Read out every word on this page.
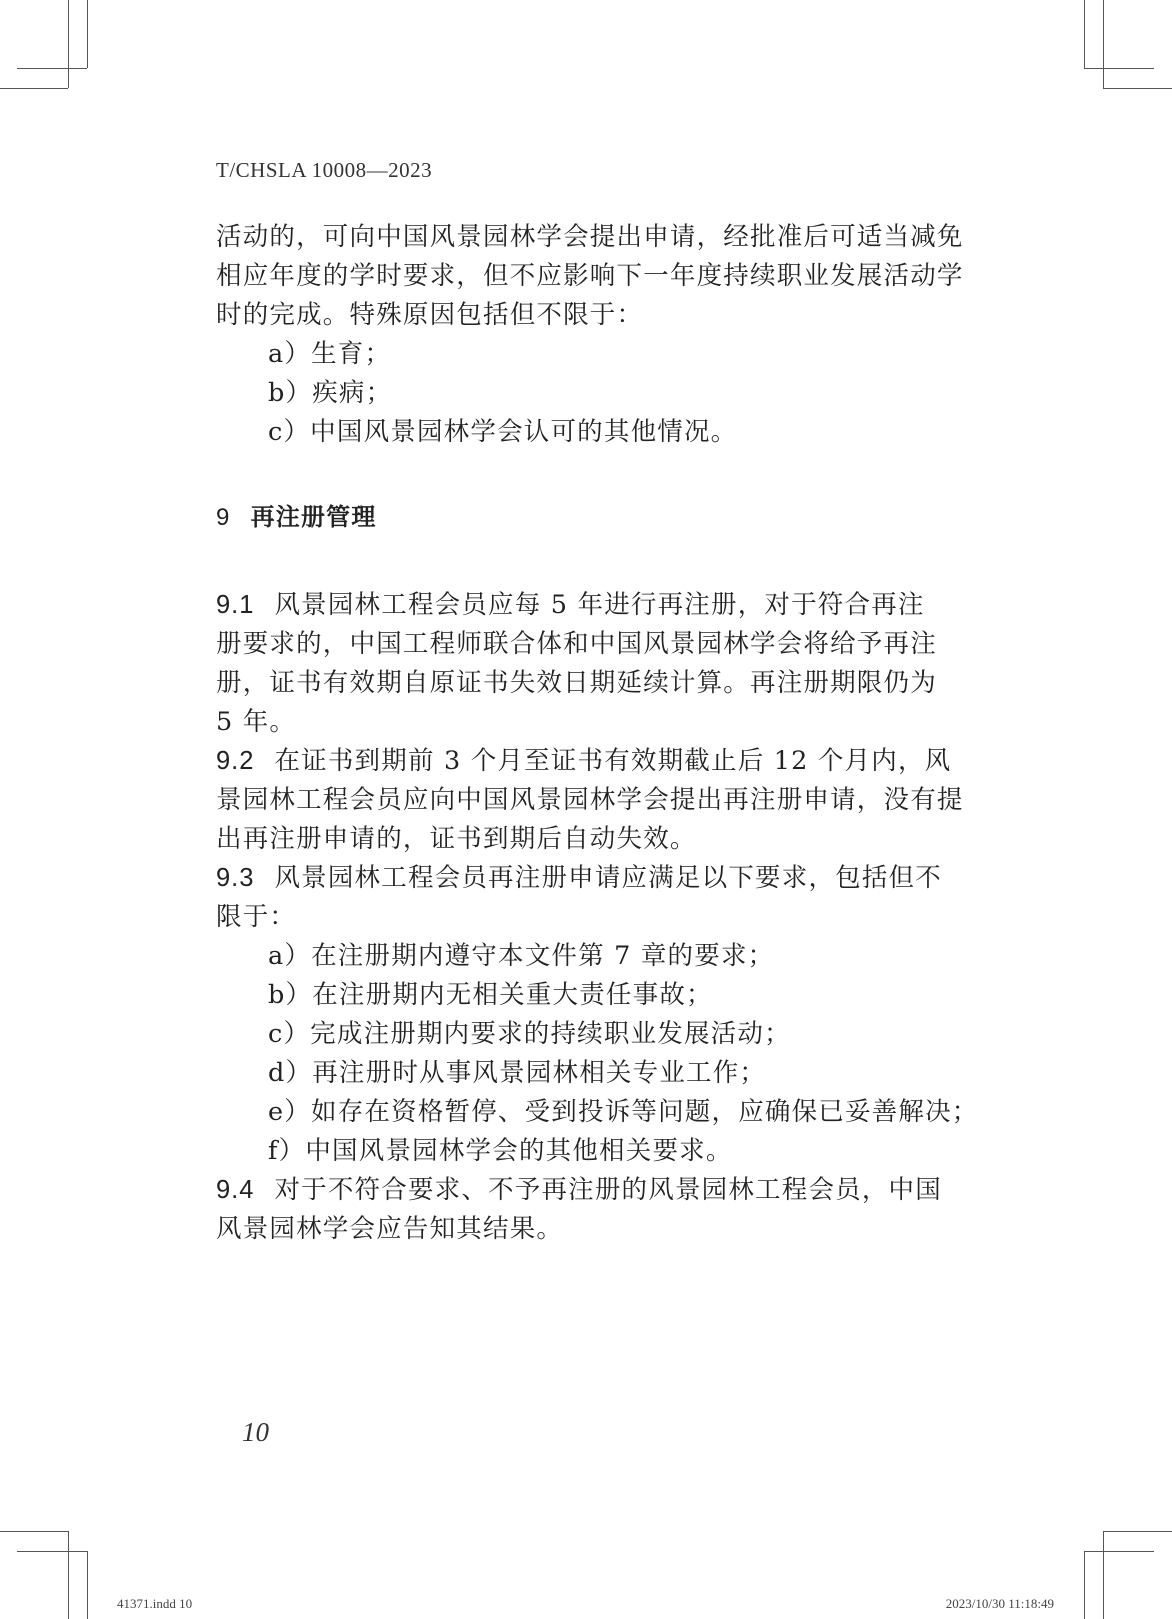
T/CHSLA 10008—2023
活动的，可向中国风景园林学会提出申请，经批准后可适当减免
相应年度的学时要求，但不应影响下一年度持续职业发展活动学
时的完成。特殊原因包括但不限于：
a）生育；
b）疾病；
c）中国风景园林学会认可的其他情况。
9 再注册管理
9.1 风景园林工程会员应每 5 年进行再注册，对于符合再注
册要求的，中国工程师联合体和中国风景园林学会将给予再注
册，证书有效期自原证书失效日期延续计算。再注册期限仍为
5 年。
9.2 在证书到期前 3 个月至证书有效期截止后 12 个月内，风
景园林工程会员应向中国风景园林学会提出再注册申请，没有提
出再注册申请的，证书到期后自动失效。
9.3 风景园林工程会员再注册申请应满足以下要求，包括但不
限于：
a）在注册期内遵守本文件第 7 章的要求；
b）在注册期内无相关重大责任事故；
c）完成注册期内要求的持续职业发展活动；
d）再注册时从事风景园林相关专业工作；
e）如存在资格暂停、受到投诉等问题，应确保已妥善解决；
f）中国风景园林学会的其他相关要求。
9.4 对于不符合要求、不予再注册的风景园林工程会员，中国
风景园林学会应告知其结果。
10
41371.indd 10	2023/10/30 11:18:49
